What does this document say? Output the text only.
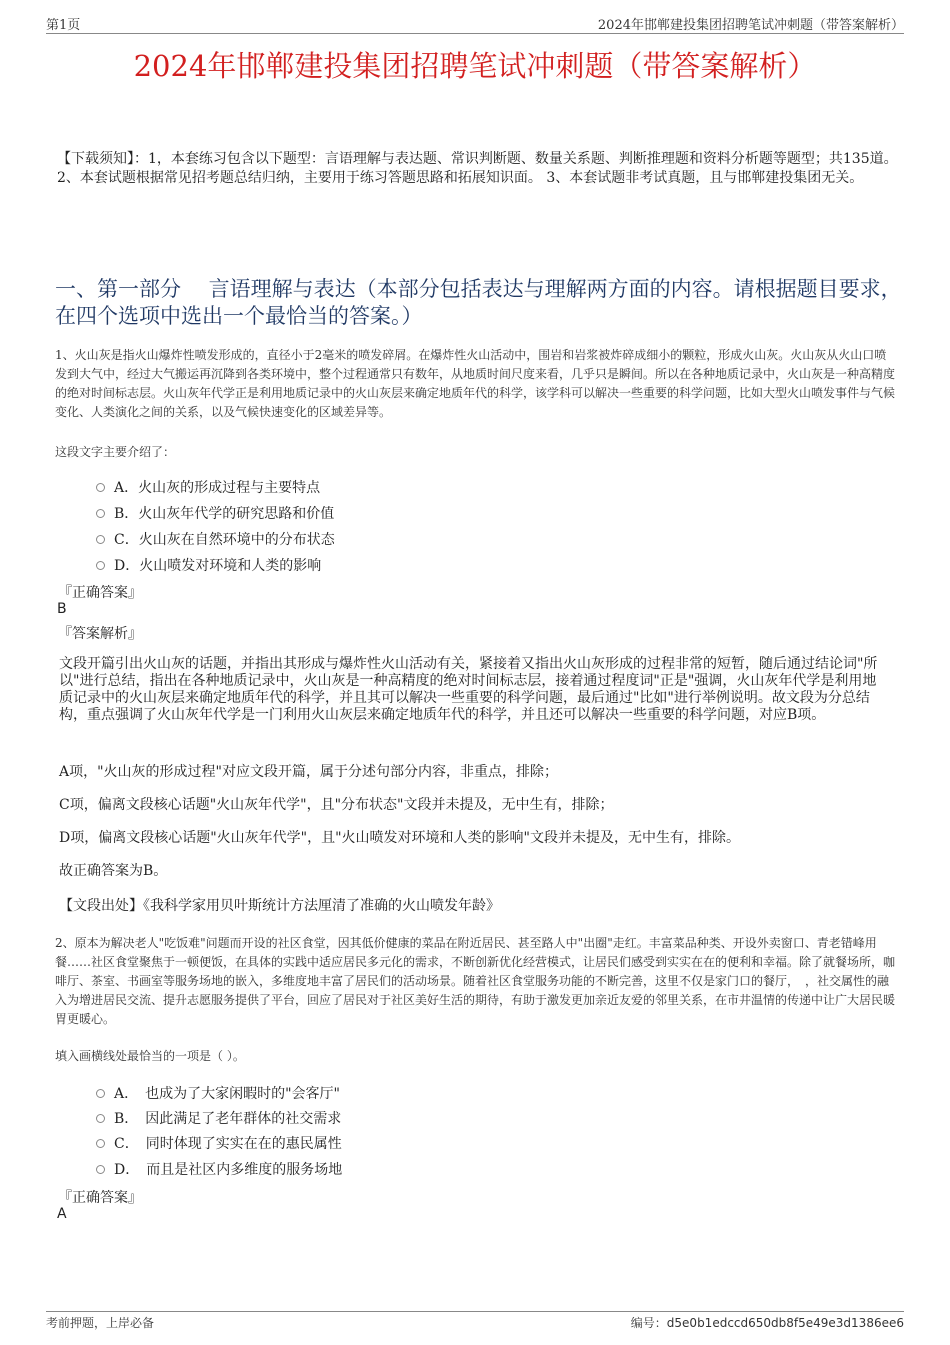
第1页	2024年邯郸建投集团招聘笔试冲刺题（带答案解析）
2024年邯郸建投集团招聘笔试冲刺题（带答案解析）
【下载须知】：1，本套练习包含以下题型：言语理解与表达题、常识判断题、数量关系题、判断推理题和资料分析题等题型；共135道。 2、本套试题根据常见招考题总结归纳，主要用于练习答题思路和拓展知识面。 3、本套试题非考试真题，且与邯郸建投集团无关。
一、第一部分　 言语理解与表达（本部分包括表达与理解两方面的内容。请根据题目要求，在四个选项中选出一个最恰当的答案。）
1、火山灰是指火山爆炸性喷发形成的，直径小于2毫米的喷发碎屑。在爆炸性火山活动中，围岩和岩浆被炸碎成细小的颗粒，形成火山灰。火山灰从火山口喷发到大气中，经过大气搬运再沉降到各类环境中，整个过程通常只有数年，从地质时间尺度来看，几乎只是瞬间。所以在各种地质记录中，火山灰是一种高精度的绝对时间标志层。火山灰年代学正是利用地质记录中的火山灰层来确定地质年代的科学，该学科可以解决一些重要的科学问题，比如大型火山喷发事件与气候变化、人类演化之间的关系，以及气候快速变化的区域差异等。
这段文字主要介绍了：
A．火山灰的形成过程与主要特点
B．火山灰年代学的研究思路和价值
C．火山灰在自然环境中的分布状态
D．火山喷发对环境和人类的影响
『正确答案』
B
『答案解析』
文段开篇引出火山灰的话题，并指出其形成与爆炸性火山活动有关，紧接着又指出火山灰形成的过程非常的短暂，随后通过结论词"所以"进行总结，指出在各种地质记录中，火山灰是一种高精度的绝对时间标志层，接着通过程度词"正是"强调，火山灰年代学是利用地质记录中的火山灰层来确定地质年代的科学，并且其可以解决一些重要的科学问题，最后通过"比如"进行举例说明。故文段为分总结构，重点强调了火山灰年代学是一门利用火山灰层来确定地质年代的科学，并且还可以解决一些重要的科学问题，对应B项。
A项，"火山灰的形成过程"对应文段开篇，属于分述句部分内容，非重点，排除；
C项，偏离文段核心话题"火山灰年代学"，且"分布状态"文段并未提及，无中生有，排除；
D项，偏离文段核心话题"火山灰年代学"，且"火山喷发对环境和人类的影响"文段并未提及，无中生有，排除。
故正确答案为B。
【文段出处】《我科学家用贝叶斯统计方法厘清了准确的火山喷发年龄》
2、原本为解决老人"吃饭难"问题而开设的社区食堂，因其低价健康的菜品在附近居民、甚至路人中"出圈"走红。丰富菜品种类、开设外卖窗口、青老错峰用餐……社区食堂聚焦于一顿便饭，在具体的实践中适应居民多元化的需求，不断创新优化经营模式，让居民们感受到实实在在的便利和幸福。除了就餐场所，咖啡厅、茶室、书画室等服务场地的嵌入，多维度地丰富了居民们的活动场景。随着社区食堂服务功能的不断完善，这里不仅是家门口的餐厅，　，社交属性的融入为增进居民交流、提升志愿服务提供了平台，回应了居民对于社区美好生活的期待，有助于激发更加亲近友爱的邻里关系，在市井温情的传递中让广大居民暖胃更暖心。
填入画横线处最恰当的一项是（ ）。
A．　也成为了大家闲暇时的"会客厅"
B．　因此满足了老年群体的社交需求
C．　同时体现了实实在在的惠民属性
D．　而且是社区内多维度的服务场地
『正确答案』
A
考前押题，上岸必备	编号：d5e0b1edccd650db8f5e49e3d1386ee6
